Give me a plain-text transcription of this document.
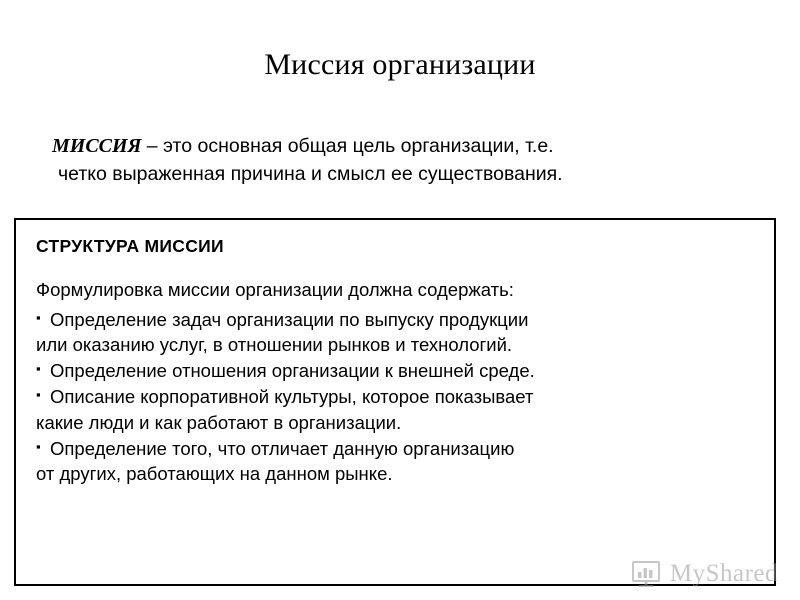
Миссия организации
МИССИЯ – это основная общая цель организации, т.е.
четко выраженная причина и смысл ее существования.
СТРУКТУРА МИССИИ
Формулировка миссии организации должна содержать:
▪ Определение задач организации по выпуску продукции
или оказанию услуг, в отношении рынков и технологий.
▪ Определение отношения организации к внешней среде.
▪ Описание корпоративной культуры, которое показывает
какие люди и как работают в организации.
▪ Определение того, что отличает данную организацию
от других, работающих на данном рынке.
MyShared
